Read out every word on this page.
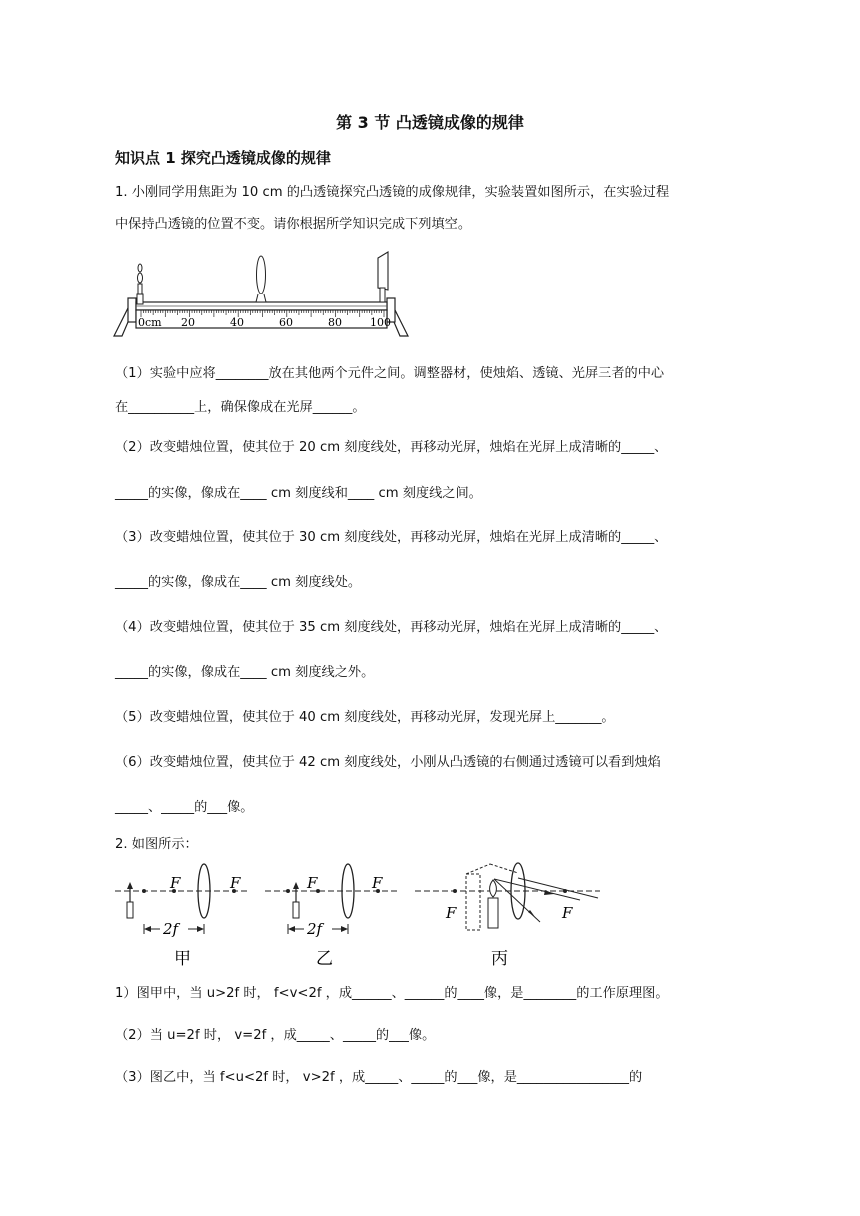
第 3 节 凸透镜成像的规律
知识点 1 探究凸透镜成像的规律
1. 小刚同学用焦距为 10 cm 的凸透镜探究凸透镜的成像规律，实验装置如图所示，在实验过程
中保持凸透镜的位置不变。请你根据所学知识完成下列填空。
0cm 20	40	60	80	100
（1）实验中应将________放在其他两个元件之间。调整器材，使烛焰、透镜、光屏三者的中心
在__________上，确保像成在光屏______。
（2）改变蜡烛位置，使其位于 20 cm 刻度线处，再移动光屏，烛焰在光屏上成清晰的_____、
_____的实像，像成在____ cm 刻度线和____ cm 刻度线之间。
（3）改变蜡烛位置，使其位于 30 cm 刻度线处，再移动光屏，烛焰在光屏上成清晰的_____、
_____的实像，像成在____ cm 刻度线处。
（4）改变蜡烛位置，使其位于 35 cm 刻度线处，再移动光屏，烛焰在光屏上成清晰的_____、
_____的实像，像成在____ cm 刻度线之外。
（5）改变蜡烛位置，使其位于 40 cm 刻度线处，再移动光屏，发现光屏上_______。
（6）改变蜡烛位置，使其位于 42 cm 刻度线处，小刚从凸透镜的右侧通过透镜可以看到烛焰
_____、_____的___像。
2. 如图所示：
F	F
2f
甲
F	F
2f
乙
F	F
丙
1）图甲中，当 u>2f 时， f<v<2f ，成______、______的____像，是________的工作原理图。
（2）当 u=2f 时， v=2f ，成_____、_____的___像。
（3）图乙中，当 f<u<2f 时， v>2f ，成_____、_____的___像，是_________________的
